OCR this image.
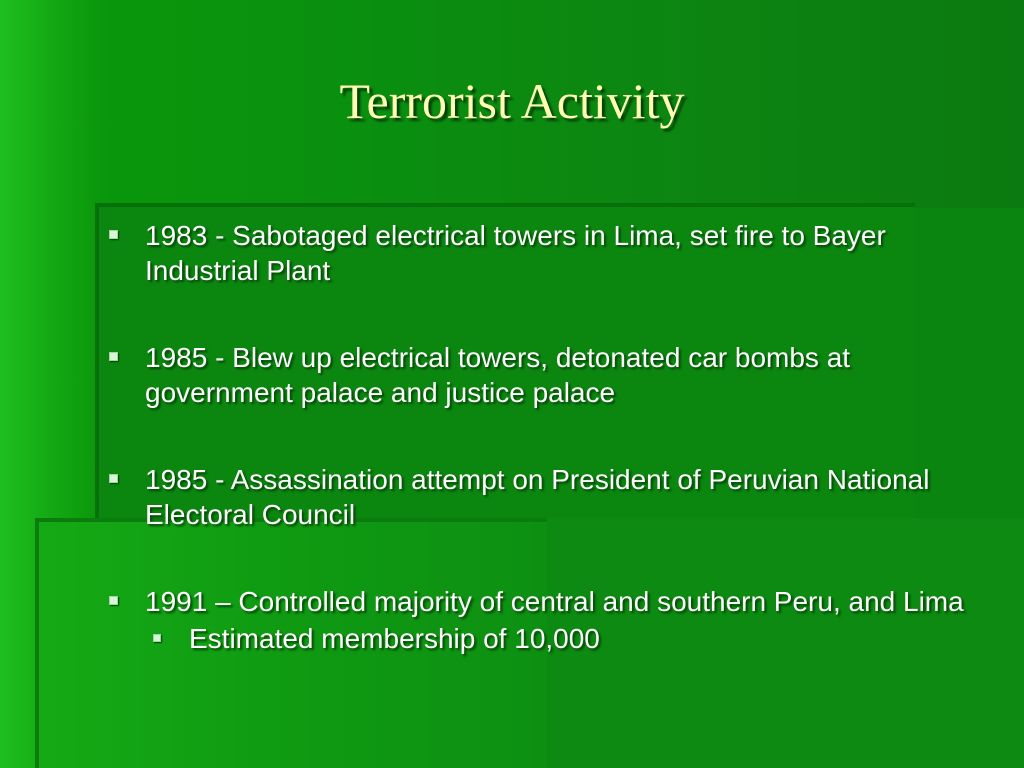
Terrorist Activity
1983 - Sabotaged electrical towers in Lima, set fire to Bayer Industrial Plant
1985 - Blew up electrical towers, detonated car bombs at government palace and justice palace
1985 - Assassination attempt on President of Peruvian National Electoral Council
1991 – Controlled majority of central and southern Peru, and Lima
Estimated membership of 10,000
